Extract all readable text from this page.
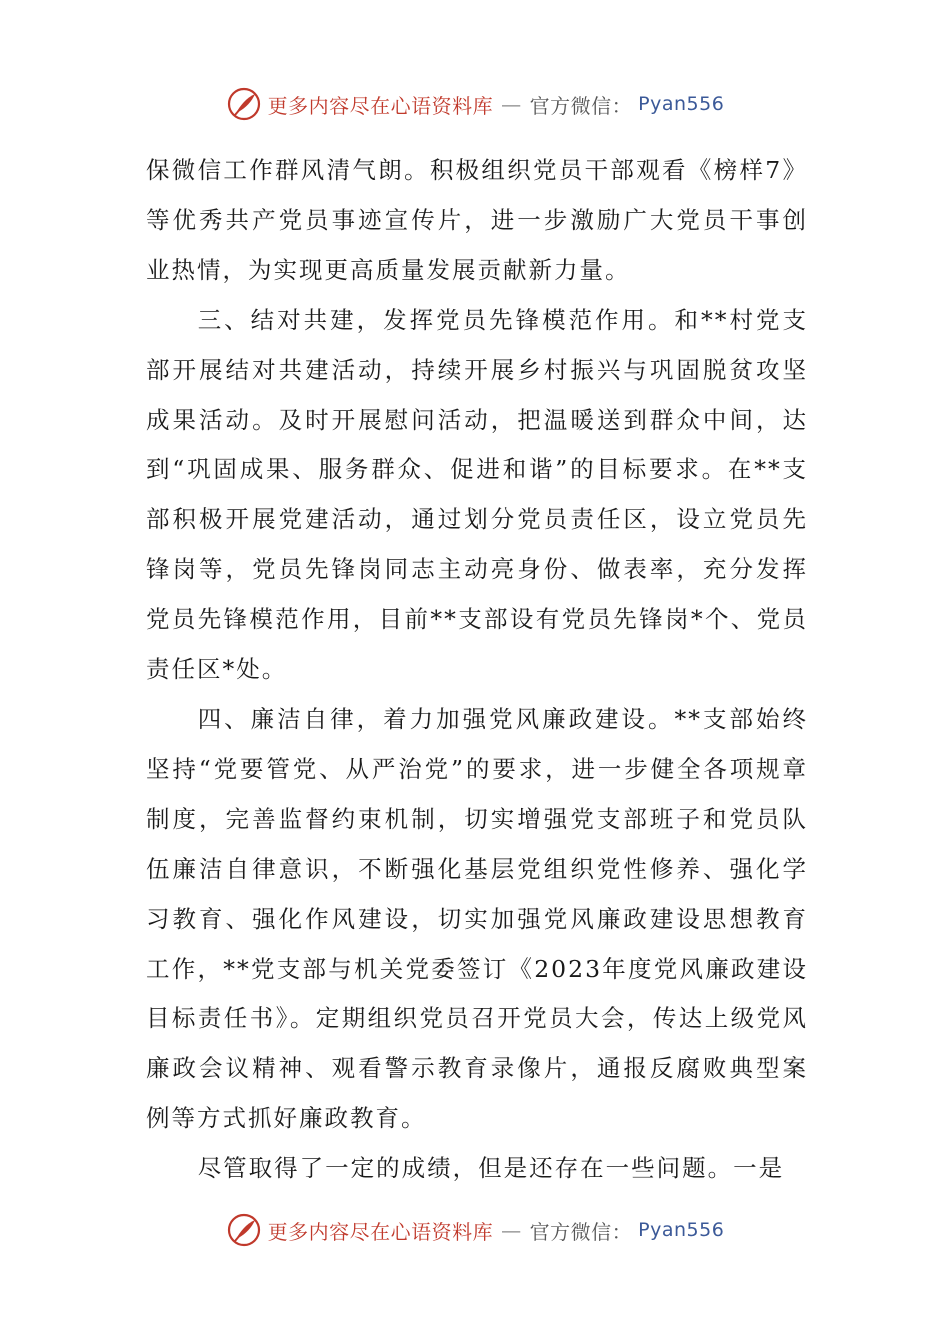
更多内容尽在心语资料库 — 官方微信： Pyan556

保微信工作群风清气朗。积极组织党员干部观看《榜样7》等优秀共产党员事迹宣传片，进一步激励广大党员干事创业热情，为实现更高质量发展贡献新力量。

三、结对共建，发挥党员先锋模范作用。和**村党支部开展结对共建活动，持续开展乡村振兴与巩固脱贫攻坚成果活动。及时开展慰问活动，把温暖送到群众中间，达到“巩固成果、服务群众、促进和谐”的目标要求。在**支部积极开展党建活动，通过划分党员责任区，设立党员先锋岗等，党员先锋岗同志主动亮身份、做表率，充分发挥党员先锋模范作用，目前**支部设有党员先锋岗*个、党员责任区*处。

四、廉洁自律，着力加强党风廉政建设。**支部始终坚持“党要管党、从严治党”的要求，进一步健全各项规章制度，完善监督约束机制，切实增强党支部班子和党员队伍廉洁自律意识，不断强化基层党组织党性修养、强化学习教育、强化作风建设，切实加强党风廉政建设思想教育工作，**党支部与机关党委签订《2023年度党风廉政建设目标责任书》。定期组织党员召开党员大会，传达上级党风廉政会议精神、观看警示教育录像片，通报反腐败典型案例等方式抓好廉政教育。

尽管取得了一定的成绩，但是还存在一些问题。一是

更多内容尽在心语资料库 — 官方微信： Pyan556
